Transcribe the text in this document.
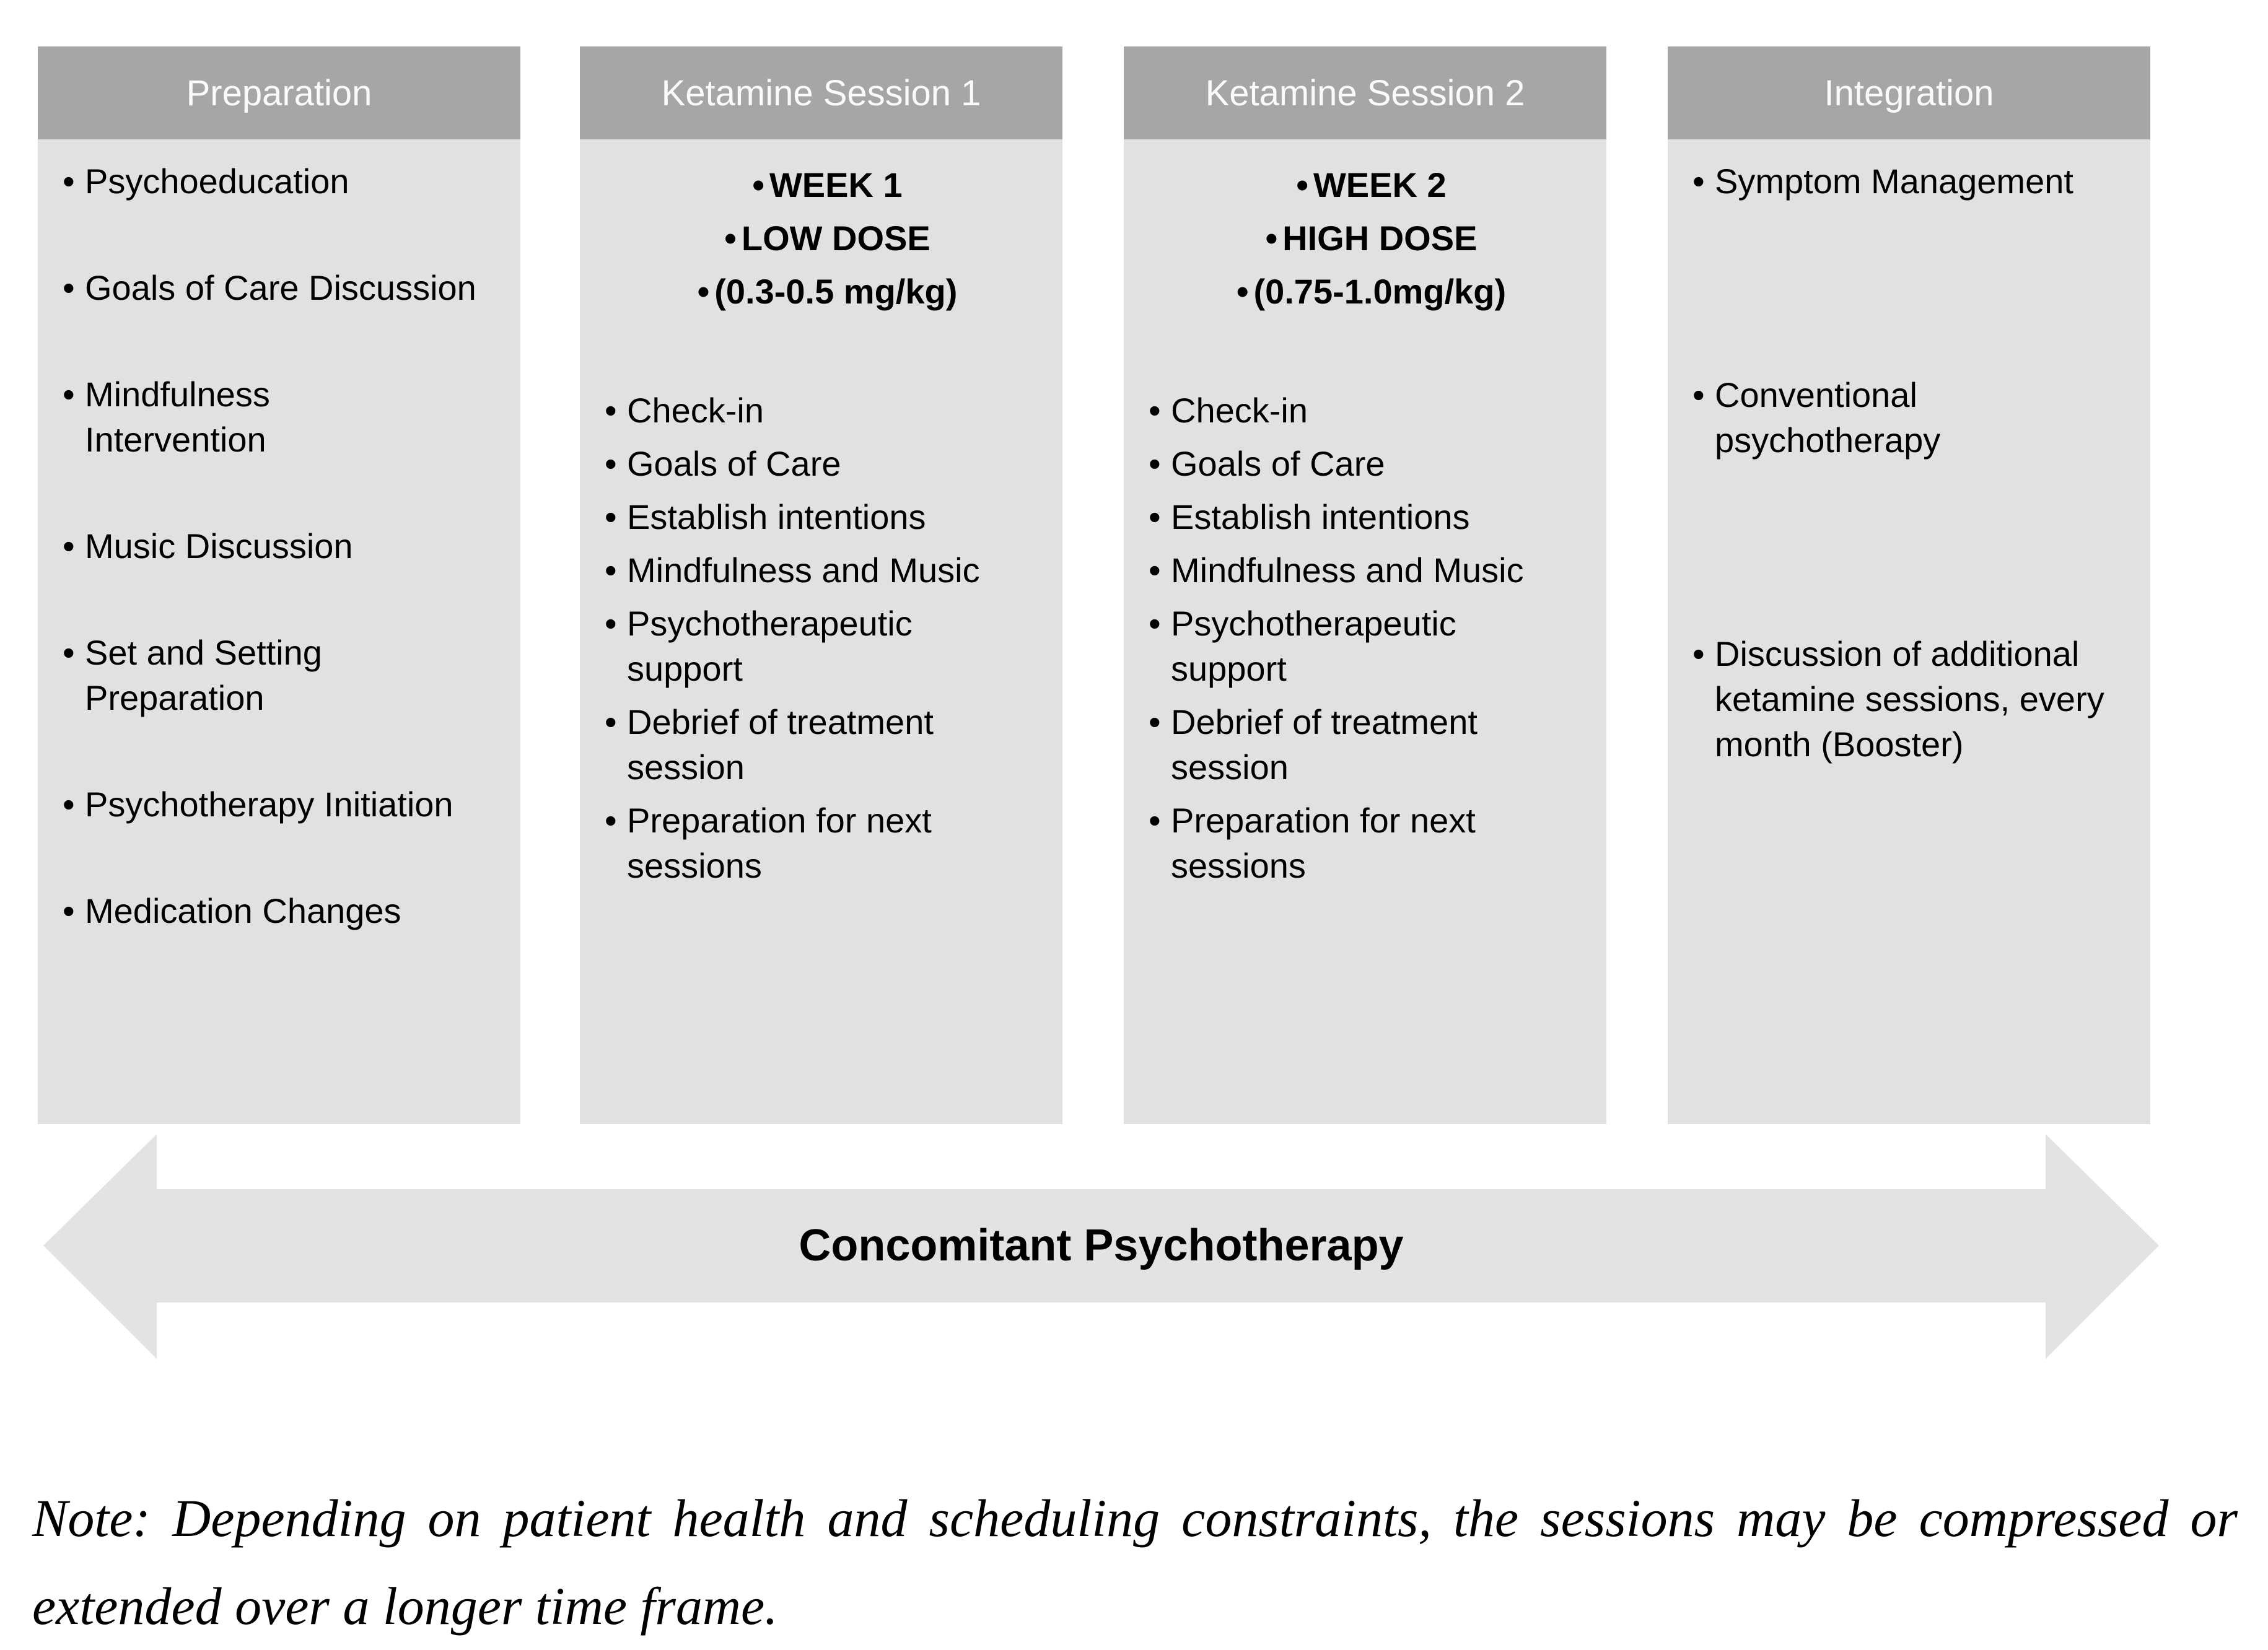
Concomitant Psychotherapy
Preparation
• Psychoeducation
• Goals of Care Discussion
• Mindfulness Intervention
• Music Discussion
• Set and Setting Preparation
• Psychotherapy Initiation
• Medication Changes
Ketamine Session 1
• WEEK 1
• LOW DOSE
• (0.3-0.5 mg/kg)
• Check-in
• Goals of Care
• Establish intentions
• Mindfulness and Music
• Psychotherapeutic support
• Debrief of treatment session
• Preparation for next sessions
Ketamine Session 2
• WEEK 2
• HIGH DOSE
• (0.75-1.0mg/kg)
• Check-in
• Goals of Care
• Establish intentions
• Mindfulness and Music
• Psychotherapeutic support
• Debrief of treatment session
• Preparation for next sessions
Integration
• Symptom Management
• Conventional psychotherapy
• Discussion of additional ketamine sessions, every month (Booster)
Note: Depending on patient health and scheduling constraints, the sessions may be compressed or extended over a longer time frame.
